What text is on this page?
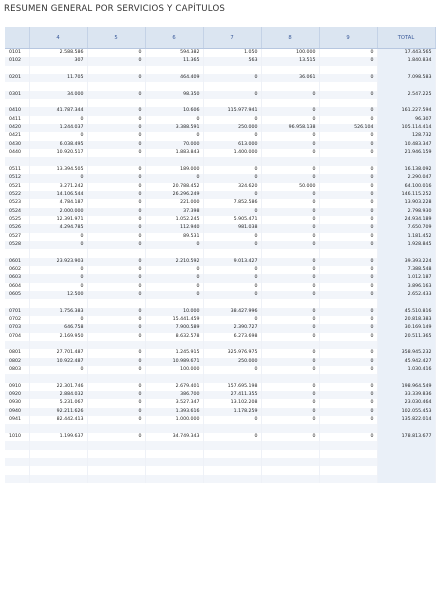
RESUMEN GENERAL POR SERVICIOS Y CAPÍTULOS
	4	5	6	7	8	9	TOTAL
0101	2.588.586	0	594.382	1.050	100.000	0	17.443.565
0102	307	0	11.365	563	13.515	0	1.840.834

0201	11.705	0	464.409	0	36.061	0	7.098.583

0301	34.000	0	98.350	0	0	0	2.547.225

0410	41.787.344	0	10.606	115.977.941	0	0	161.227.594
0411	0	0	0	0	0	0	96.307
0420	1.244.037	0	3.388.591	250.000	96.958.138	526.104	105.114.414
0421	0	0	0	0	0	0	128.732
0430	6.038.495	0	70.000	613.000	0	0	10.483.347
0440	10.920.517	0	1.883.843	1.400.000	0	0	21.946.159

0511	13.394.505	0	189.000	0	0	0	16.138.092
0512	0	0	0	0	0	0	2.290.047
0521	3.271.242	0	20.788.452	324.620	50.000	0	64.100.016
0522	14.106.544	0	26.296.249	0	0	0	146.115.252
0523	4.784.187	0	221.000	7.852.586	0	0	13.903.228
0524	2.000.000	0	37.398	0	0	0	2.798.930
0525	12.391.971	0	1.052.245	5.905.471	0	0	24.934.189
0526	4.294.785	0	112.940	981.038	0	0	7.650.709
0527	0	0	89.531	0	0	0	1.181.452
0528	0	0	0	0	0	0	1.928.845

0601	23.923.903	0	2.210.592	9.013.427	0	0	39.393.224
0602	0	0	0	0	0	0	7.388.548
0603	0	0	0	0	0	0	1.012.187
0604	0	0	0	0	0	0	3.896.163
0605	12.500	0	0	0	0	0	2.652.433

0701	1.756.383	0	10.000	38.427.996	0	0	45.510.816
0702	0	0	15.441.459	0	0	0	20.818.383
0703	646.758	0	7.900.589	2.390.727	0	0	30.169.149
0704	2.169.950	0	8.632.578	6.273.698	0	0	20.511.365

0801	27.701.487	0	1.245.915	325.976.975	0	0	358.945.232
0802	10.922.487	0	10.989.671	250.000	0	0	45.942.427
0803	0	0	100.000	0	0	0	1.030.416

0910	22.301.746	0	2.679.401	157.695.198	0	0	198.964.549
0920	2.884.032	0	386.700	27.411.355	0	0	33.339.836
0930	5.231.067	0	3.527.347	13.102.208	0	0	23.030.464
0940	92.211.626	0	1.393.616	1.178.259	0	0	102.055.453
0941	82.442.413	0	1.000.000	0	0	0	135.822.014

1010	1.199.637	0	34.749.343	0	0	0	178.813.677
